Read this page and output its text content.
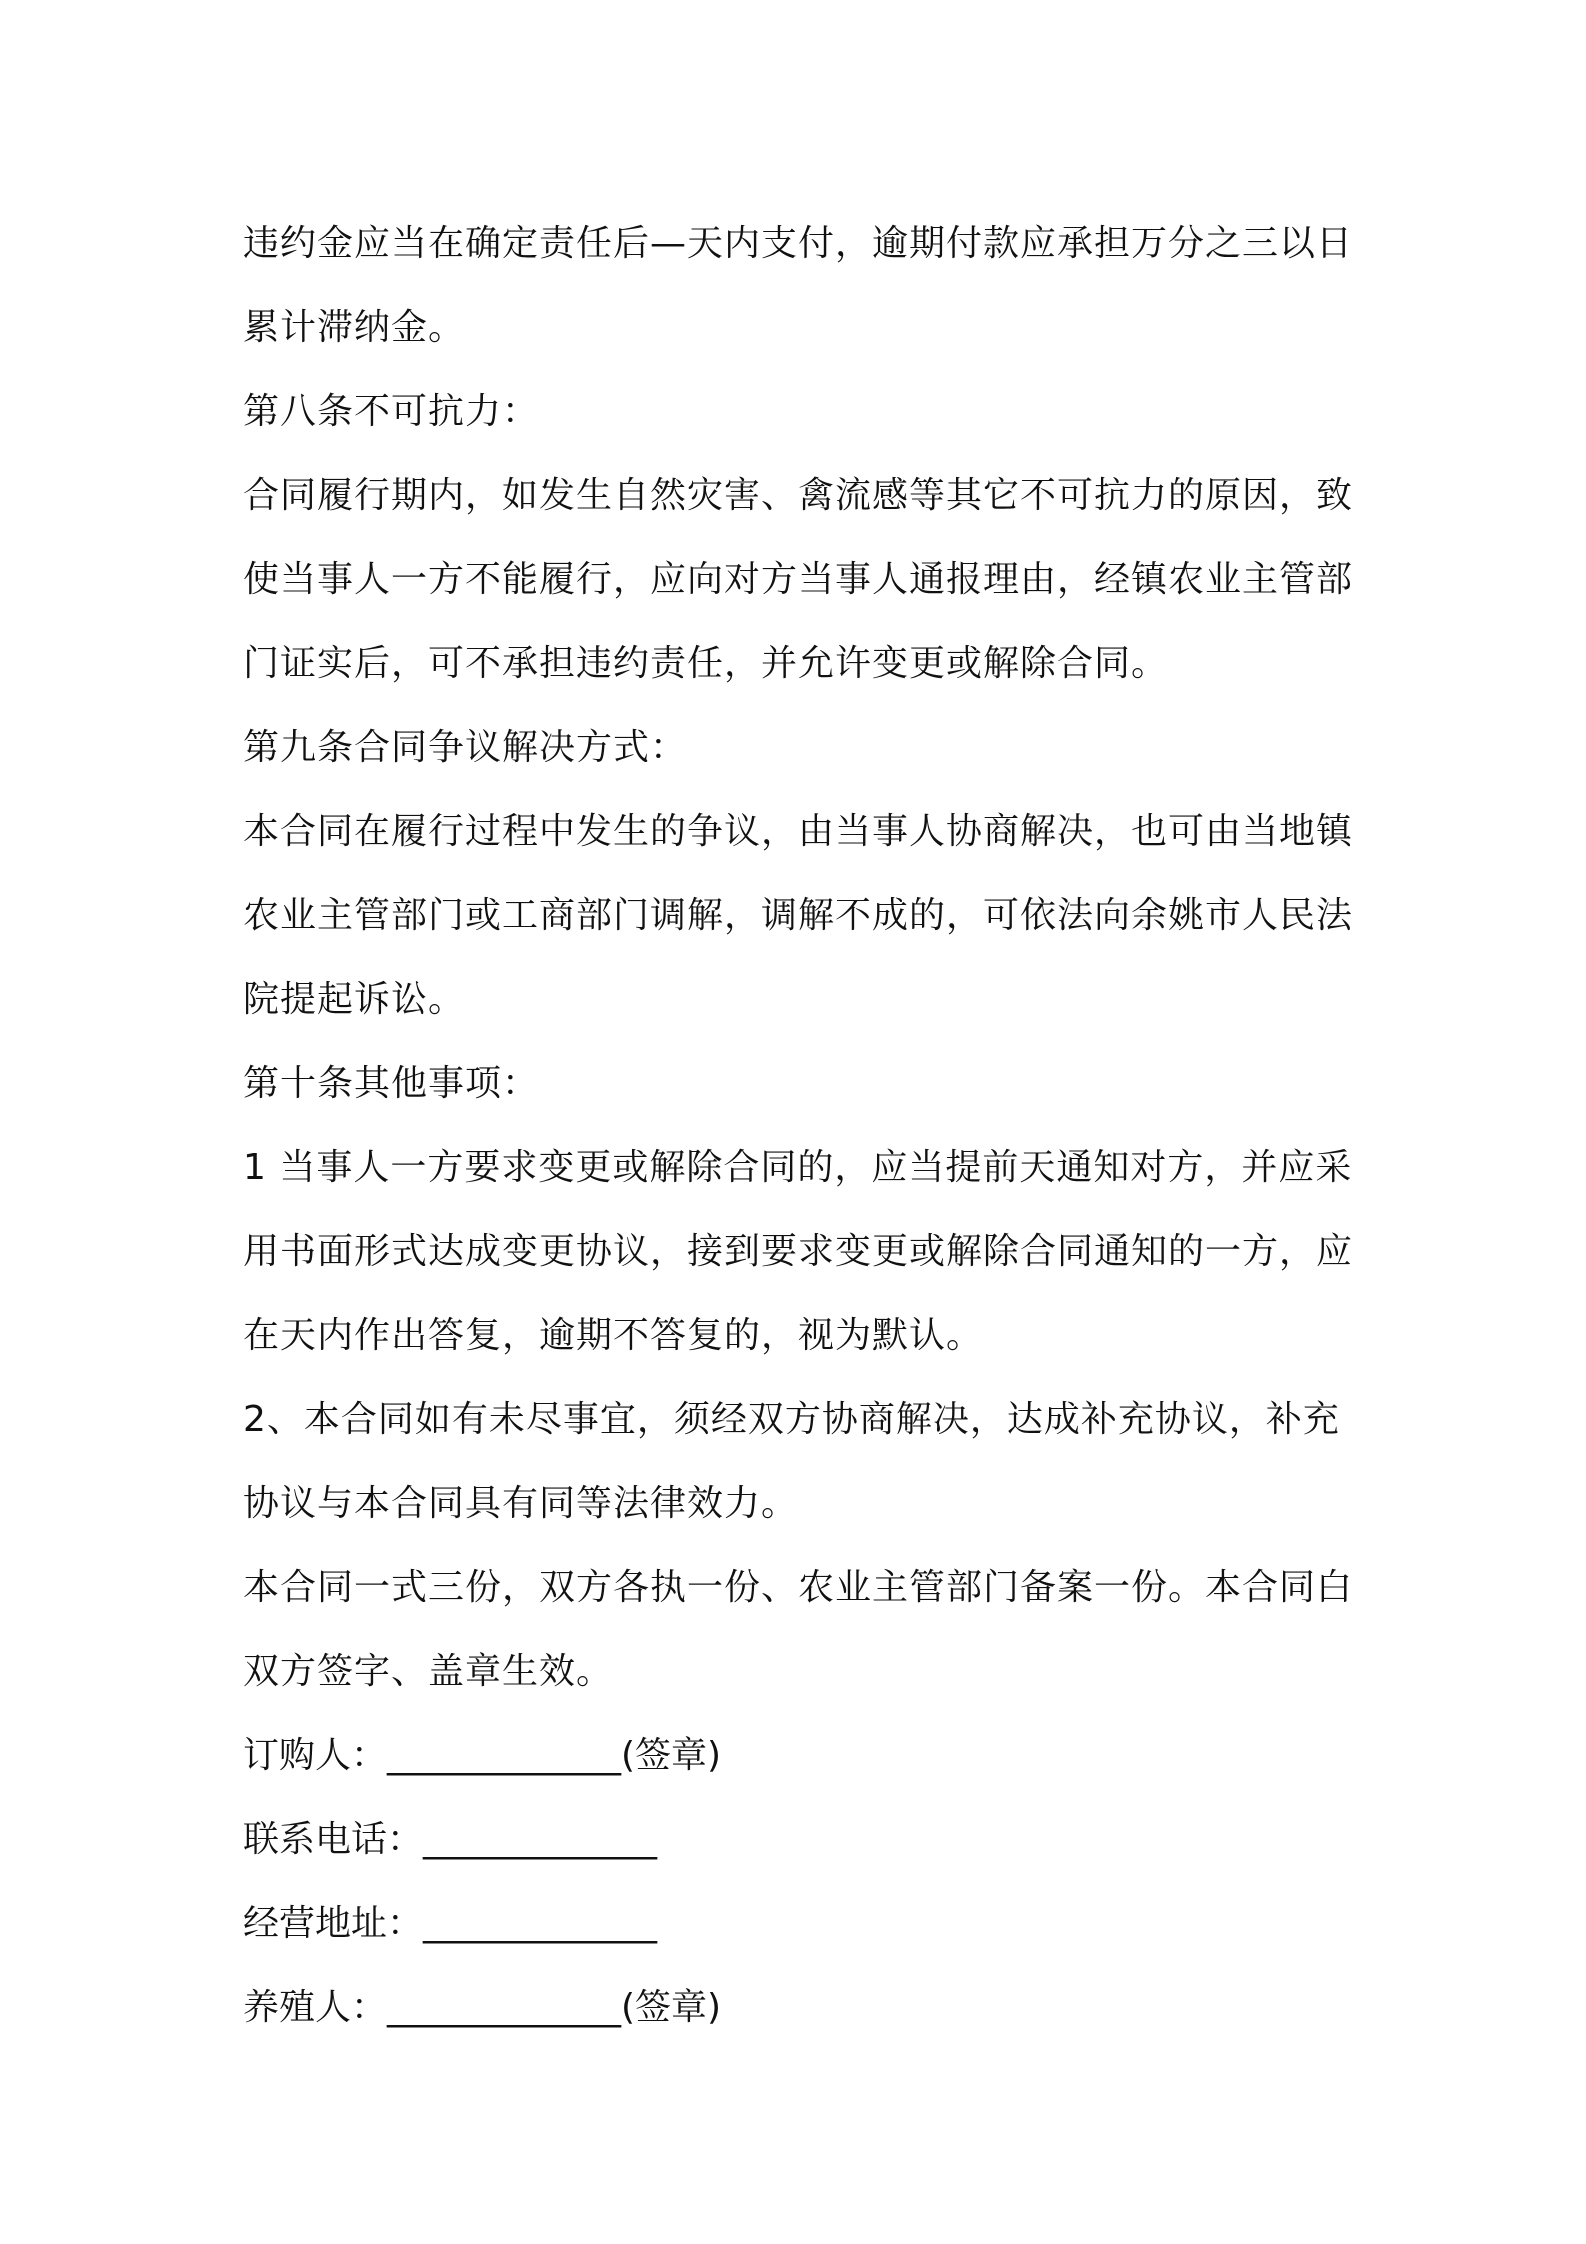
违约金应当在确定责任后—天内支付，逾期付款应承担万分之三以日
累计滞纳金。
第八条不可抗力：
合同履行期内，如发生自然灾害、禽流感等其它不可抗力的原因，致
使当事人一方不能履行，应向对方当事人通报理由，经镇农业主管部
门证实后，可不承担违约责任，并允许变更或解除合同。
第九条合同争议解决方式：
本合同在履行过程中发生的争议，由当事人协商解决，也可由当地镇
农业主管部门或工商部门调解，调解不成的，可依法向余姚市人民法
院提起诉讼。
第十条其他事项：
1 当事人一方要求变更或解除合同的，应当提前天通知对方，并应采
用书面形式达成变更协议，接到要求变更或解除合同通知的一方，应
在天内作出答复，逾期不答复的，视为默认。
2、本合同如有未尽事宜，须经双方协商解决，达成补充协议，补充
协议与本合同具有同等法律效力。
本合同一式三份，双方各执一份、农业主管部门备案一份。本合同白
双方签字、盖章生效。
订购人：_____________(签章)
联系电话：_____________
经营地址：_____________
养殖人：_____________(签章)
